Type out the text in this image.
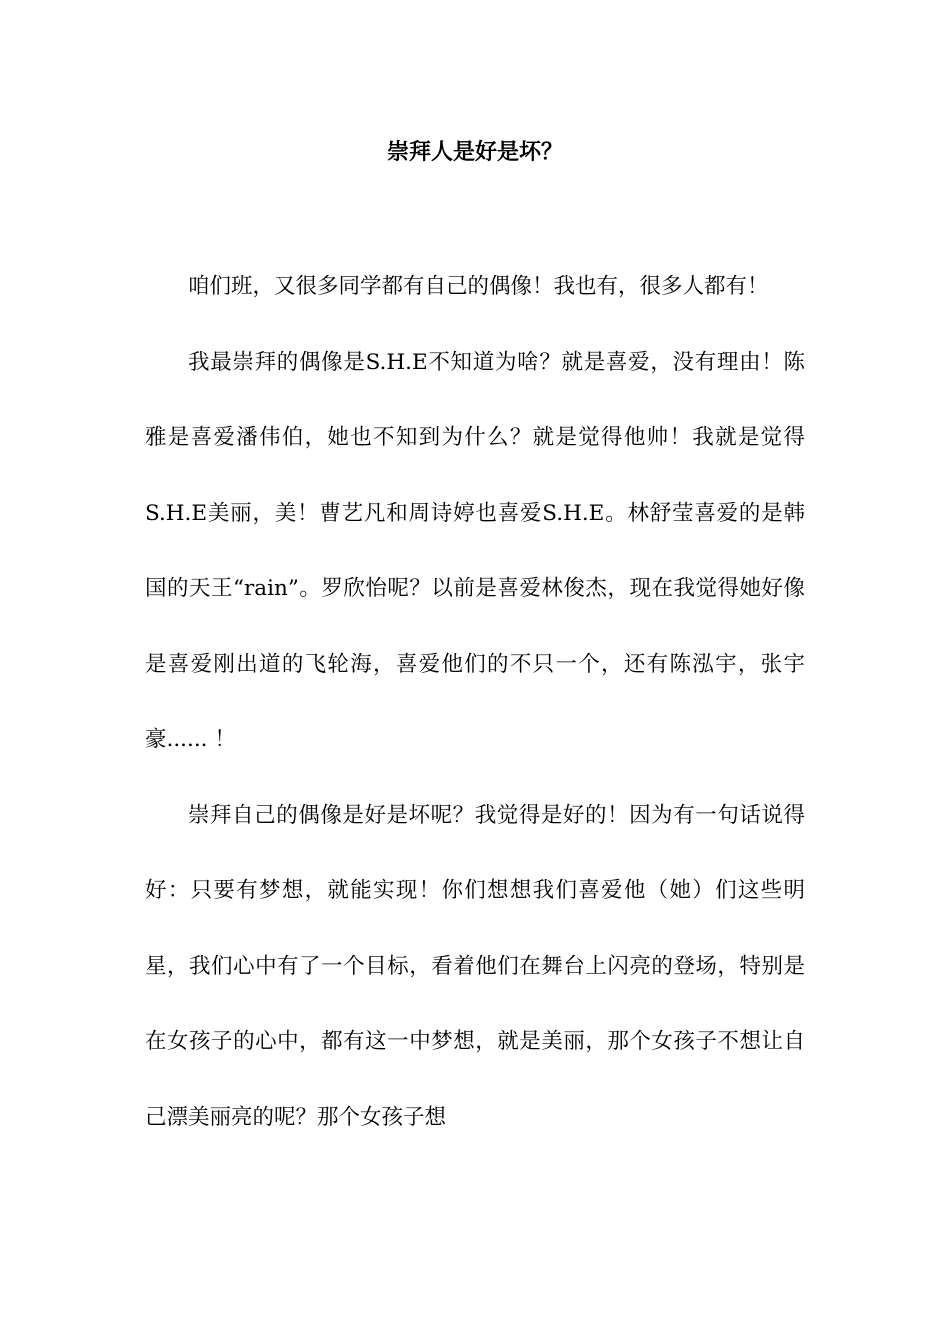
崇拜人是好是坏？

咱们班，又很多同学都有自己的偶像！我也有，很多人都有！

我最崇拜的偶像是S.H.E不知道为啥？就是喜爱，没有理由！陈雅是喜爱潘伟伯，她也不知到为什么？就是觉得他帅！我就是觉得S.H.E美丽，美！曹艺凡和周诗婷也喜爱S.H.E。林舒莹喜爱的是韩国的天王“rain”。罗欣怡呢？以前是喜爱林俊杰，现在我觉得她好像是喜爱刚出道的飞轮海，喜爱他们的不只一个，还有陈泓宇，张宇豪...... ！

崇拜自己的偶像是好是坏呢？我觉得是好的！因为有一句话说得好：只要有梦想，就能实现！你们想想我们喜爱他（她）们这些明星，我们心中有了一个目标，看着他们在舞台上闪亮的登场，特别是在女孩子的心中，都有这一中梦想，就是美丽，那个女孩子不想让自己漂美丽亮的呢？那个女孩子想
